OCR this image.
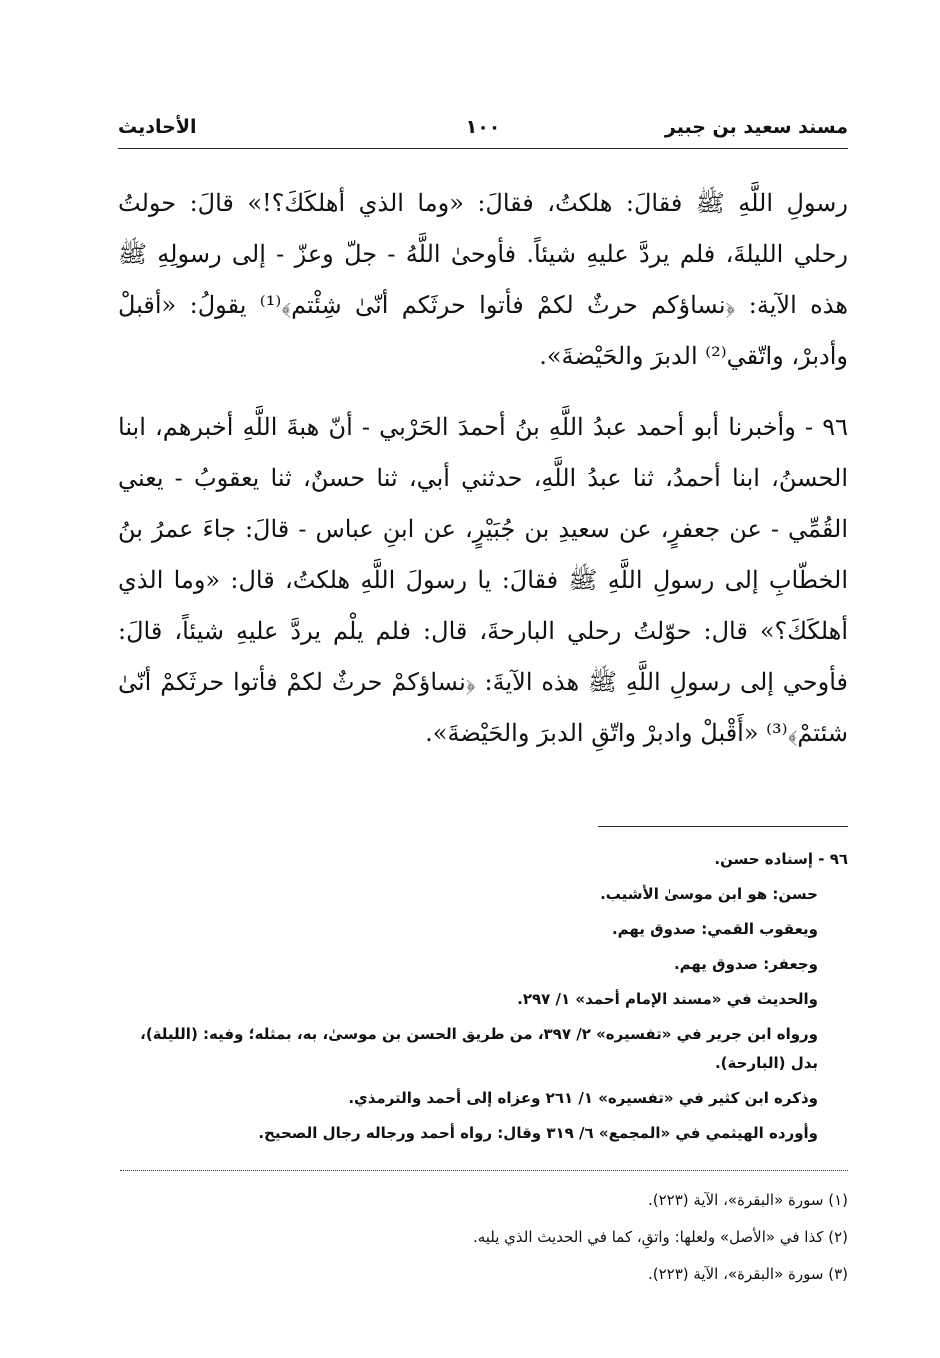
مسند سعيد بن جبير
١٠٠
الأحاديث

رسولِ اللَّهِ ﷺ فقالَ: هلكتُ، فقالَ: «وما الذي أهلكَكَ؟!» قالَ: حولتُ رحلي الليلةَ، فلم يردَّ عليهِ شيئاً. فأوحىٰ اللَّهُ - جلّ وعزّ - إلى رسولِهِ ﷺ هذه الآية: ﴿نساؤكم حرثٌ لكمْ فأتوا حرثَكم أنّىٰ شِئْتم﴾⁽¹⁾ يقولُ: «أقبلْ وأدبرْ، واتّقي⁽²⁾ الدبرَ والحَيْضةَ».

٩٦ - وأخبرنا أبو أحمد عبدُ اللَّهِ بنُ أحمدَ الحَرْبي - أنّ هبةَ اللَّهِ أخبرهم، ابنا الحسنُ، ابنا أحمدُ، ثنا عبدُ اللَّهِ، حدثني أبي، ثنا حسنٌ، ثنا يعقوبُ - يعني القُمِّي - عن جعفرٍ، عن سعيدِ بن جُبَيْرٍ، عن ابنِ عباس - قالَ: جاءَ عمرُ بنُ الخطّابِ إلى رسولِ اللَّهِ ﷺ فقالَ: يا رسولَ اللَّهِ هلكتُ، قال: «وما الذي أهلكَكَ؟» قال: حوّلتُ رحلي البارحةَ، قال: فلم يلْم يردَّ عليهِ شيئاً، قالَ: فأوحي إلى رسولِ اللَّهِ ﷺ هذه الآيةَ: ﴿نساؤكمْ حرثٌ لكمْ فأتوا حرثَكمْ أنّىٰ شئتمْ﴾⁽³⁾ «أَقْبلْ وادبرْ واتّقِ الدبرَ والحَيْضةَ».

٩٦ - إسناده حسن.

حسن: هو ابن موسىٰ الأشيب.

ويعقوب القمي: صدوق يهم.

وجعفر: صدوق يهم.

والحديث في «مسند الإمام أحمد» ١/ ٢٩٧.

ورواه ابن جرير في «تفسيره» ٢/ ٣٩٧، من طريق الحسن بن موسىٰ، به، بمثله؛ وفيه: (الليلة)، بدل (البارحة).

وذكره ابن كثير في «تفسيره» ١/ ٢٦١ وعزاه إلى أحمد والترمذي.

وأورده الهيثمي في «المجمع» ٦/ ٣١٩ وقال: رواه أحمد ورجاله رجال الصحيح.

(١) سورة «البقرة»، الآية (٢٢٣).

(٢) كذا في «الأصل» ولعلها: واتقِ، كما في الحديث الذي يليه.

(٣) سورة «البقرة»، الآية (٢٢٣).
